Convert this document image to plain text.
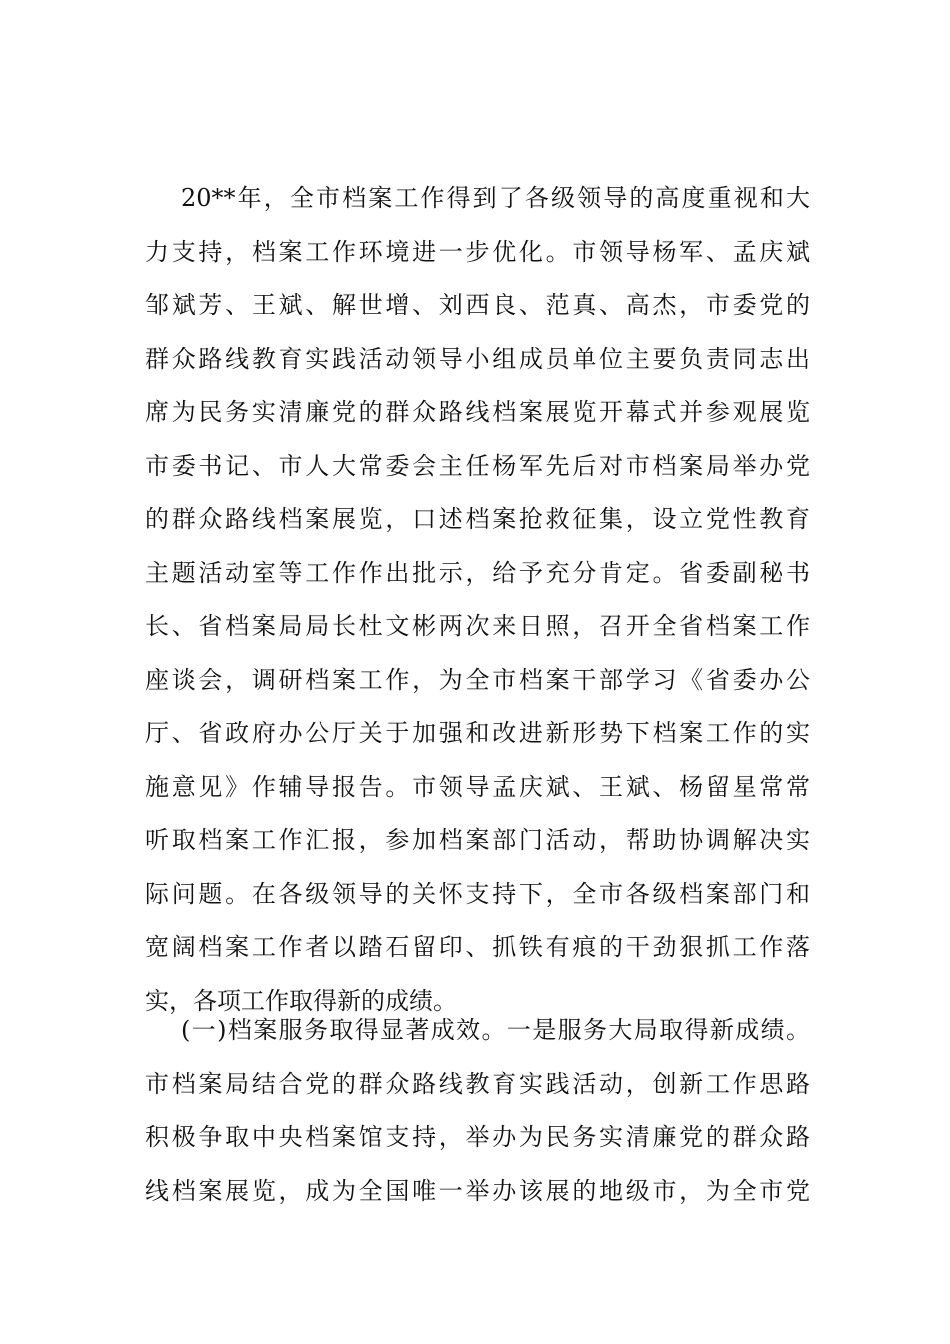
20**年，全市档案工作得到了各级领导的高度重视和大
力支持，档案工作环境进一步优化。市领导杨军、孟庆斌
邹斌芳、王斌、解世增、刘西良、范真、高杰，市委党的
群众路线教育实践活动领导小组成员单位主要负责同志出
席为民务实清廉党的群众路线档案展览开幕式并参观展览
市委书记、市人大常委会主任杨军先后对市档案局举办党
的群众路线档案展览，口述档案抢救征集，设立党性教育
主题活动室等工作作出批示，给予充分肯定。省委副秘书
长、省档案局局长杜文彬两次来日照，召开全省档案工作
座谈会，调研档案工作，为全市档案干部学习《省委办公
厅、省政府办公厅关于加强和改进新形势下档案工作的实
施意见》作辅导报告。市领导孟庆斌、王斌、杨留星常常
听取档案工作汇报，参加档案部门活动，帮助协调解决实
际问题。在各级领导的关怀支持下，全市各级档案部门和
宽阔档案工作者以踏石留印、抓铁有痕的干劲狠抓工作落
实，各项工作取得新的成绩。
(一)档案服务取得显著成效。一是服务大局取得新成绩。
市档案局结合党的群众路线教育实践活动，创新工作思路
积极争取中央档案馆支持，举办为民务实清廉党的群众路
线档案展览，成为全国唯一举办该展的地级市，为全市党
